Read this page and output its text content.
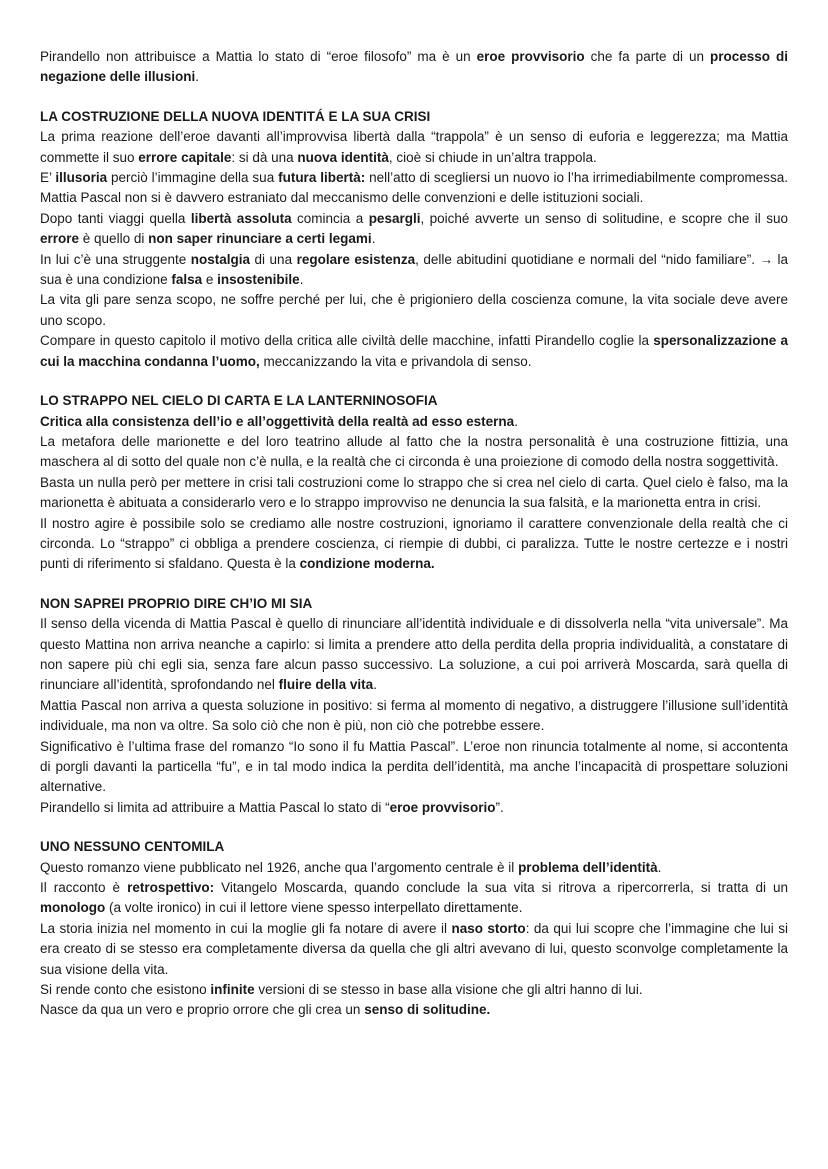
Pirandello non attribuisce a Mattia lo stato di “eroe filosofo” ma è un eroe provvisorio che fa parte di un processo di negazione delle illusioni.

LA COSTRUZIONE DELLA NUOVA IDENTITÁ E LA SUA CRISI

La prima reazione dell’eroe davanti all’improvvisa libertà dalla “trappola” è un senso di euforia e leggerezza; ma Mattia commette il suo errore capitale: si dà una nuova identità, cioè si chiude in un’altra trappola.

E’ illusoria perciò l’immagine della sua futura libertà: nell’atto di scegliersi un nuovo io l’ha irrimediabilmente compromessa. Mattia Pascal non si è davvero estraniato dal meccanismo delle convenzioni e delle istituzioni sociali.

Dopo tanti viaggi quella libertà assoluta comincia a pesargli, poiché avverte un senso di solitudine, e scopre che il suo errore è quello di non saper rinunciare a certi legami.

In lui c’è una struggente nostalgia di una regolare esistenza, delle abitudini quotidiane e normali del “nido familiare”. → la sua è una condizione falsa e insostenibile.

La vita gli pare senza scopo, ne soffre perché per lui, che è prigioniero della coscienza comune, la vita sociale deve avere uno scopo.

Compare in questo capitolo il motivo della critica alle civiltà delle macchine, infatti Pirandello coglie la spersonalizzazione a cui la macchina condanna l’uomo, meccanizzando la vita e privandola di senso.

LO STRAPPO NEL CIELO DI CARTA E LA LANTERNINOSOFIA

Critica alla consistenza dell’io e all’oggettività della realtà ad esso esterna.

La metafora delle marionette e del loro teatrino allude al fatto che la nostra personalità è una costruzione fittizia, una maschera al di sotto del quale non c’è nulla, e la realtà che ci circonda è una proiezione di comodo della nostra soggettività.

Basta un nulla però per mettere in crisi tali costruzioni come lo strappo che si crea nel cielo di carta. Quel cielo è falso, ma la marionetta è abituata a considerarlo vero e lo strappo improvviso ne denuncia la sua falsità, e la marionetta entra in crisi.

Il nostro agire è possibile solo se crediamo alle nostre costruzioni, ignoriamo il carattere convenzionale della realtà che ci circonda. Lo “strappo” ci obbliga a prendere coscienza, ci riempie di dubbi, ci paralizza. Tutte le nostre certezze e i nostri punti di riferimento si sfaldano. Questa è la condizione moderna.

NON SAPREI PROPRIO DIRE CH’IO MI SIA

Il senso della vicenda di Mattia Pascal è quello di rinunciare all’identità individuale e di dissolverla nella “vita universale”. Ma questo Mattina non arriva neanche a capirlo: si limita a prendere atto della perdita della propria individualità, a constatare di non sapere più chi egli sia, senza fare alcun passo successivo. La soluzione, a cui poi arriverà Moscarda, sarà quella di rinunciare all’identità, sprofondando nel fluire della vita.

Mattia Pascal non arriva a questa soluzione in positivo: si ferma al momento di negativo, a distruggere l’illusione sull’identità individuale, ma non va oltre. Sa solo ciò che non è più, non ciò che potrebbe essere.

Significativo è l’ultima frase del romanzo “Io sono il fu Mattia Pascal”. L’eroe non rinuncia totalmente al nome, si accontenta di porgli davanti la particella “fu”, e in tal modo indica la perdita dell’identità, ma anche l’incapacità di prospettare soluzioni alternative.

Pirandello si limita ad attribuire a Mattia Pascal lo stato di “eroe provvisorio”.

UNO NESSUNO CENTOMILA

Questo romanzo viene pubblicato nel 1926, anche qua l’argomento centrale è il problema dell’identità.

Il racconto è retrospettivo: Vitangelo Moscarda, quando conclude la sua vita si ritrova a ripercorrerla, si tratta di un monologo (a volte ironico) in cui il lettore viene spesso interpellato direttamente.

La storia inizia nel momento in cui la moglie gli fa notare di avere il naso storto: da qui lui scopre che l’immagine che lui si era creato di se stesso era completamente diversa da quella che gli altri avevano di lui, questo sconvolge completamente la sua visione della vita.

Si rende conto che esistono infinite versioni di se stesso in base alla visione che gli altri hanno di lui.

Nasce da qua un vero e proprio orrore che gli crea un senso di solitudine.
